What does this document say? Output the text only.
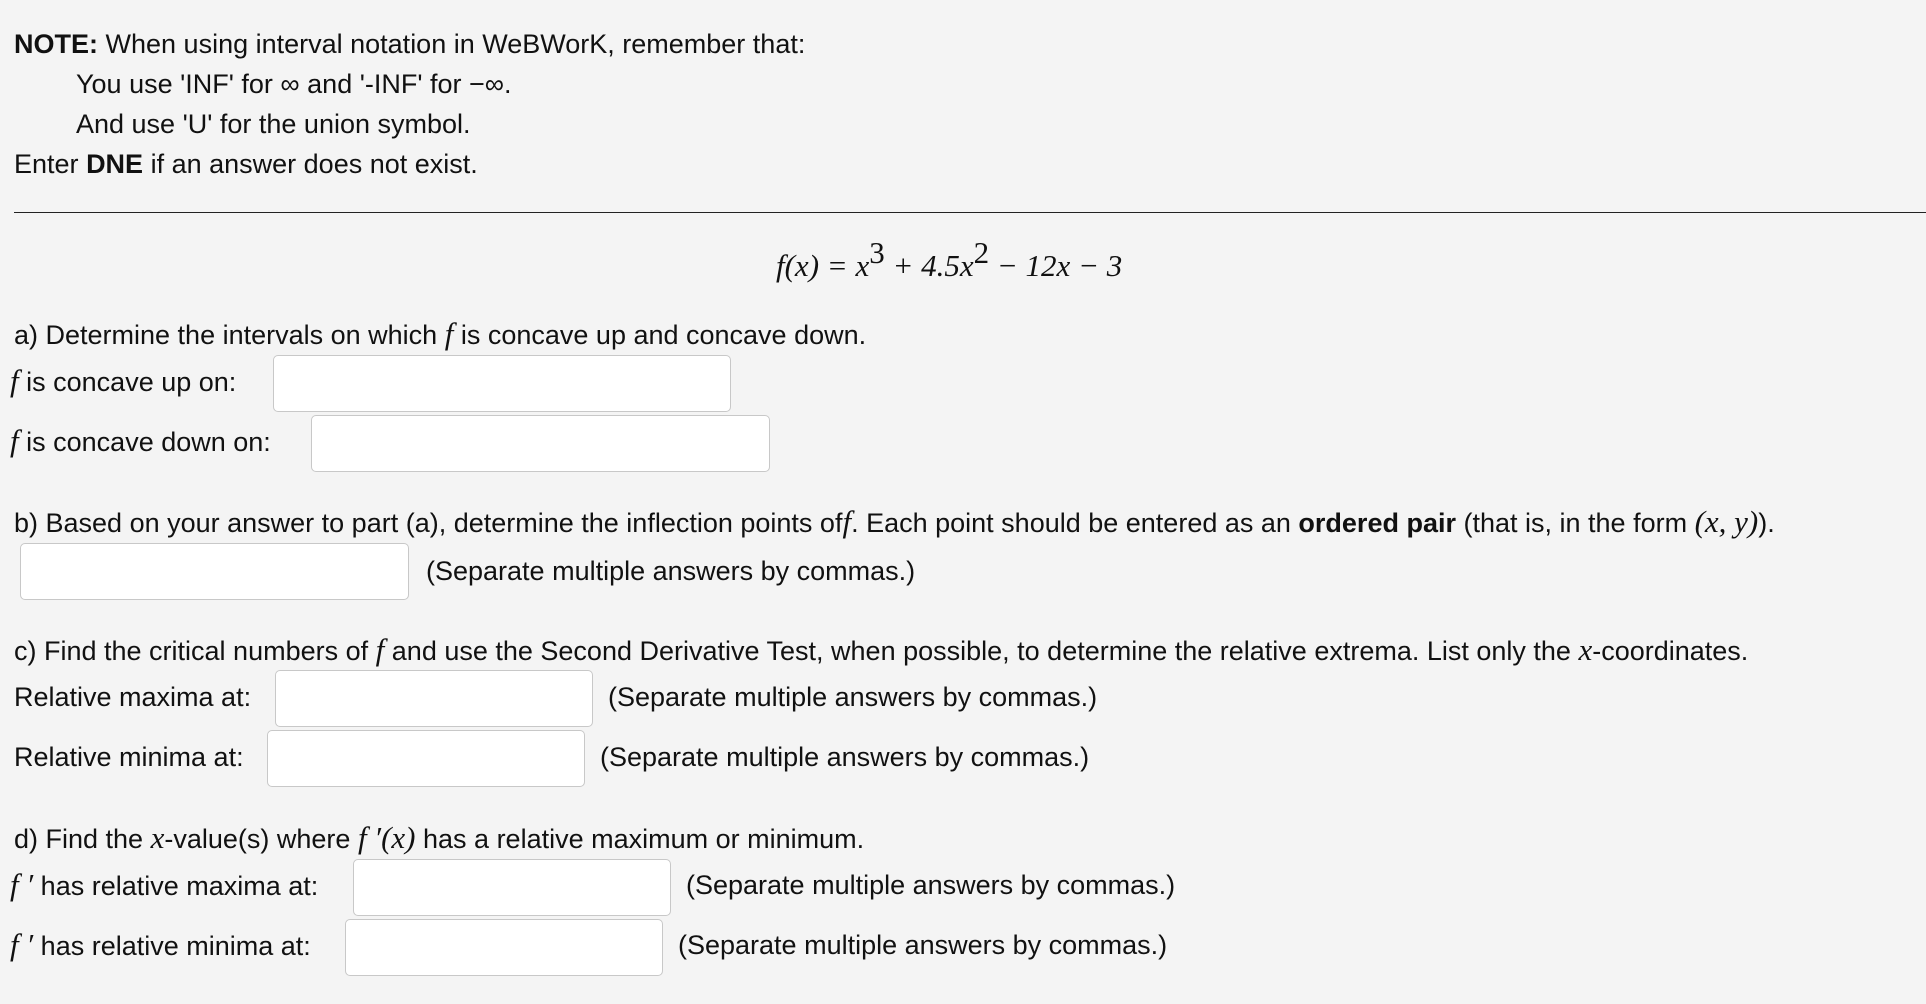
NOTE: When using interval notation in WeBWorK, remember that:
You use 'INF' for ∞ and '-INF' for −∞.
And use 'U' for the union symbol.
Enter DNE if an answer does not exist.
$f(x) = x^3 + 4.5x^2 - 12x - 3$
a) Determine the intervals on which f is concave up and concave down.
f is concave up on:
f is concave down on:
b) Based on your answer to part (a), determine the inflection points off. Each point should be entered as an ordered pair (that is, in the form (x, y)).
(Separate multiple answers by commas.)
c) Find the critical numbers of f and use the Second Derivative Test, when possible, to determine the relative extrema. List only the x-coordinates.
Relative maxima at:	(Separate multiple answers by commas.)
Relative minima at:	(Separate multiple answers by commas.)
d) Find the x-value(s) where f ′(x) has a relative maximum or minimum.
f ′ has relative maxima at:	(Separate multiple answers by commas.)
f ′ has relative minima at:	(Separate multiple answers by commas.)
